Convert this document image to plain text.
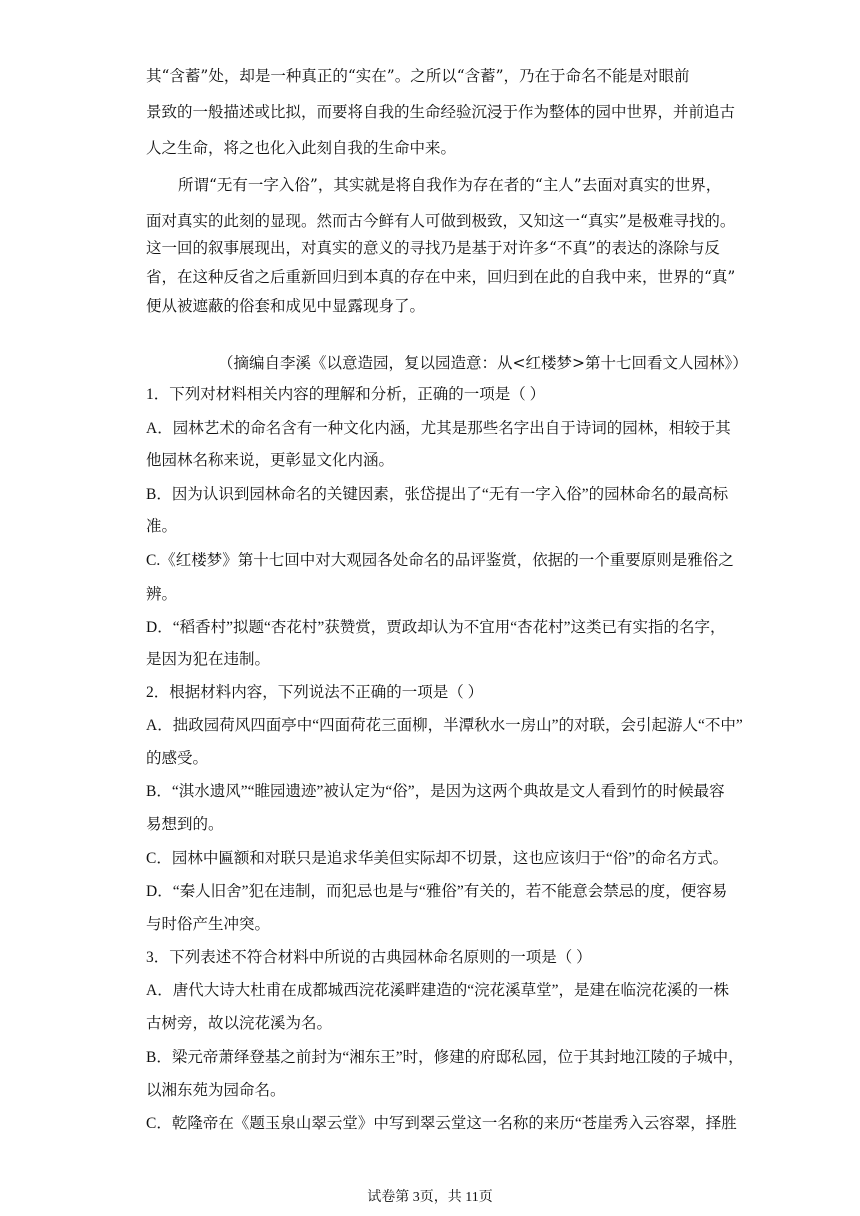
其“含蓄”处，却是一种真正的“实在”。之所以“含蓄”，乃在于命名不能是对眼前
景致的一般描述或比拟，而要将自我的生命经验沉浸于作为整体的园中世界，并前追古
人之生命，将之也化入此刻自我的生命中来。
所谓“无有一字入俗”，其实就是将自我作为存在者的“主人”去面对真实的世界，
面对真实的此刻的显现。然而古今鲜有人可做到极致，又知这一“真实”是极难寻找的。
这一回的叙事展现出，对真实的意义的寻找乃是基于对许多“不真”的表达的涤除与反
省，在这种反省之后重新回归到本真的存在中来，回归到在此的自我中来，世界的“真”
便从被遮蔽的俗套和成见中显露现身了。
（摘编自李溪《以意造园，复以园造意：从<红楼梦>第十七回看文人园林》）
1．下列对材料相关内容的理解和分析，正确的一项是（ ）
A．园林艺术的命名含有一种文化内涵，尤其是那些名字出自于诗词的园林，相较于其
他园林名称来说，更彰显文化内涵。
B．因为认识到园林命名的关键因素，张岱提出了“无有一字入俗”的园林命名的最高标
准。
C.《红楼梦》第十七回中对大观园各处命名的品评鉴赏，依据的一个重要原则是雅俗之
辨。
D．“稻香村”拟题“杏花村”获赞赏，贾政却认为不宜用“杏花村”这类已有实指的名字，
是因为犯在违制。
2．根据材料内容，下列说法不正确的一项是（ ）
A．拙政园荷风四面亭中“四面荷花三面柳，半潭秋水一房山”的对联，会引起游人“不中”
的感受。
B．“淇水遗风”“睢园遗迹”被认定为“俗”，是因为这两个典故是文人看到竹的时候最容
易想到的。
C．园林中匾额和对联只是追求华美但实际却不切景，这也应该归于“俗”的命名方式。
D．“秦人旧舍”犯在违制，而犯忌也是与“雅俗”有关的，若不能意会禁忌的度，便容易
与时俗产生冲突。
3．下列表述不符合材料中所说的古典园林命名原则的一项是（ ）
A．唐代大诗大杜甫在成都城西浣花溪畔建造的“浣花溪草堂”，是建在临浣花溪的一株
古树旁，故以浣花溪为名。
B．梁元帝萧绎登基之前封为“湘东王”时，修建的府邸私园，位于其封地江陵的子城中，
以湘东苑为园命名。
C．乾隆帝在《题玉泉山翠云堂》中写到翠云堂这一名称的来历“苍崖秀入云容翠，择胜
试卷第 3页，共 11页
